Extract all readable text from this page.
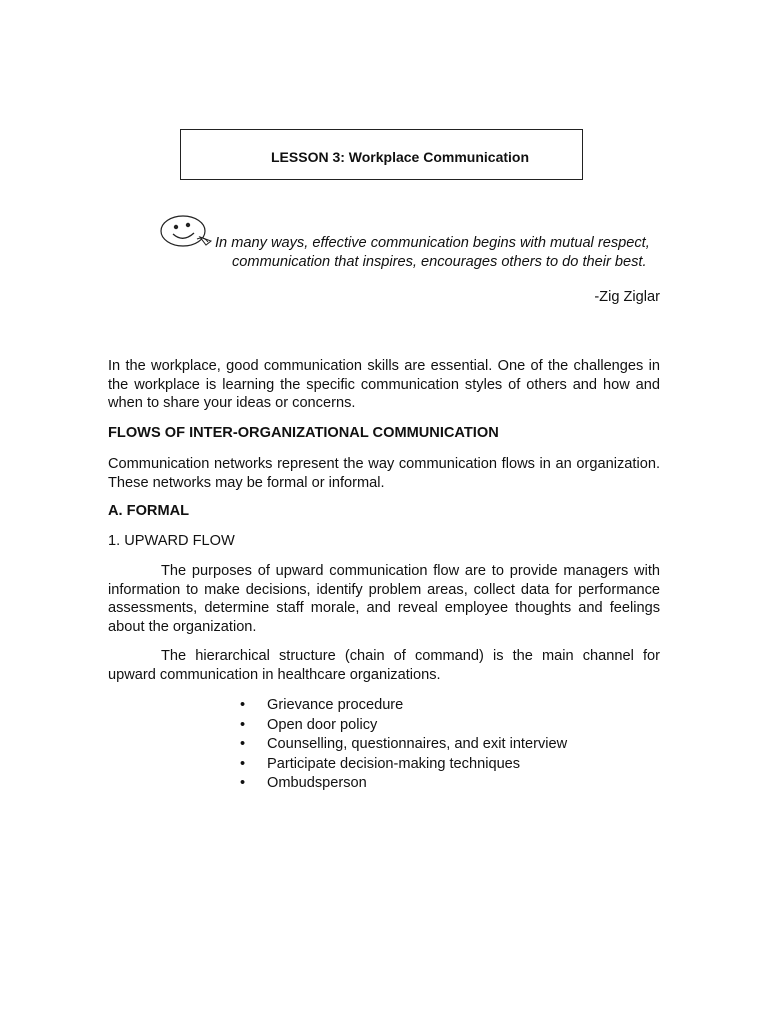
LESSON 3: Workplace Communication
In many ways, effective communication begins with mutual respect,
communication that inspires, encourages others to do their best.
-Zig Ziglar

In the workplace, good communication skills are essential. One of the challenges in the workplace is learning the specific communication styles of others and how and when to share your ideas or concerns.

FLOWS OF INTER-ORGANIZATIONAL COMMUNICATION

Communication networks represent the way communication flows in an organization. These networks may be formal or informal.

A. FORMAL
1. UPWARD FLOW

The purposes of upward communication flow are to provide managers with information to make decisions, identify problem areas, collect data for performance assessments, determine staff morale, and reveal employee thoughts and feelings about the organization.

The hierarchical structure (chain of command) is the main channel for upward communication in healthcare organizations.

• Grievance procedure
• Open door policy
• Counselling, questionnaires, and exit interview
• Participate decision-making techniques
• Ombudsperson
